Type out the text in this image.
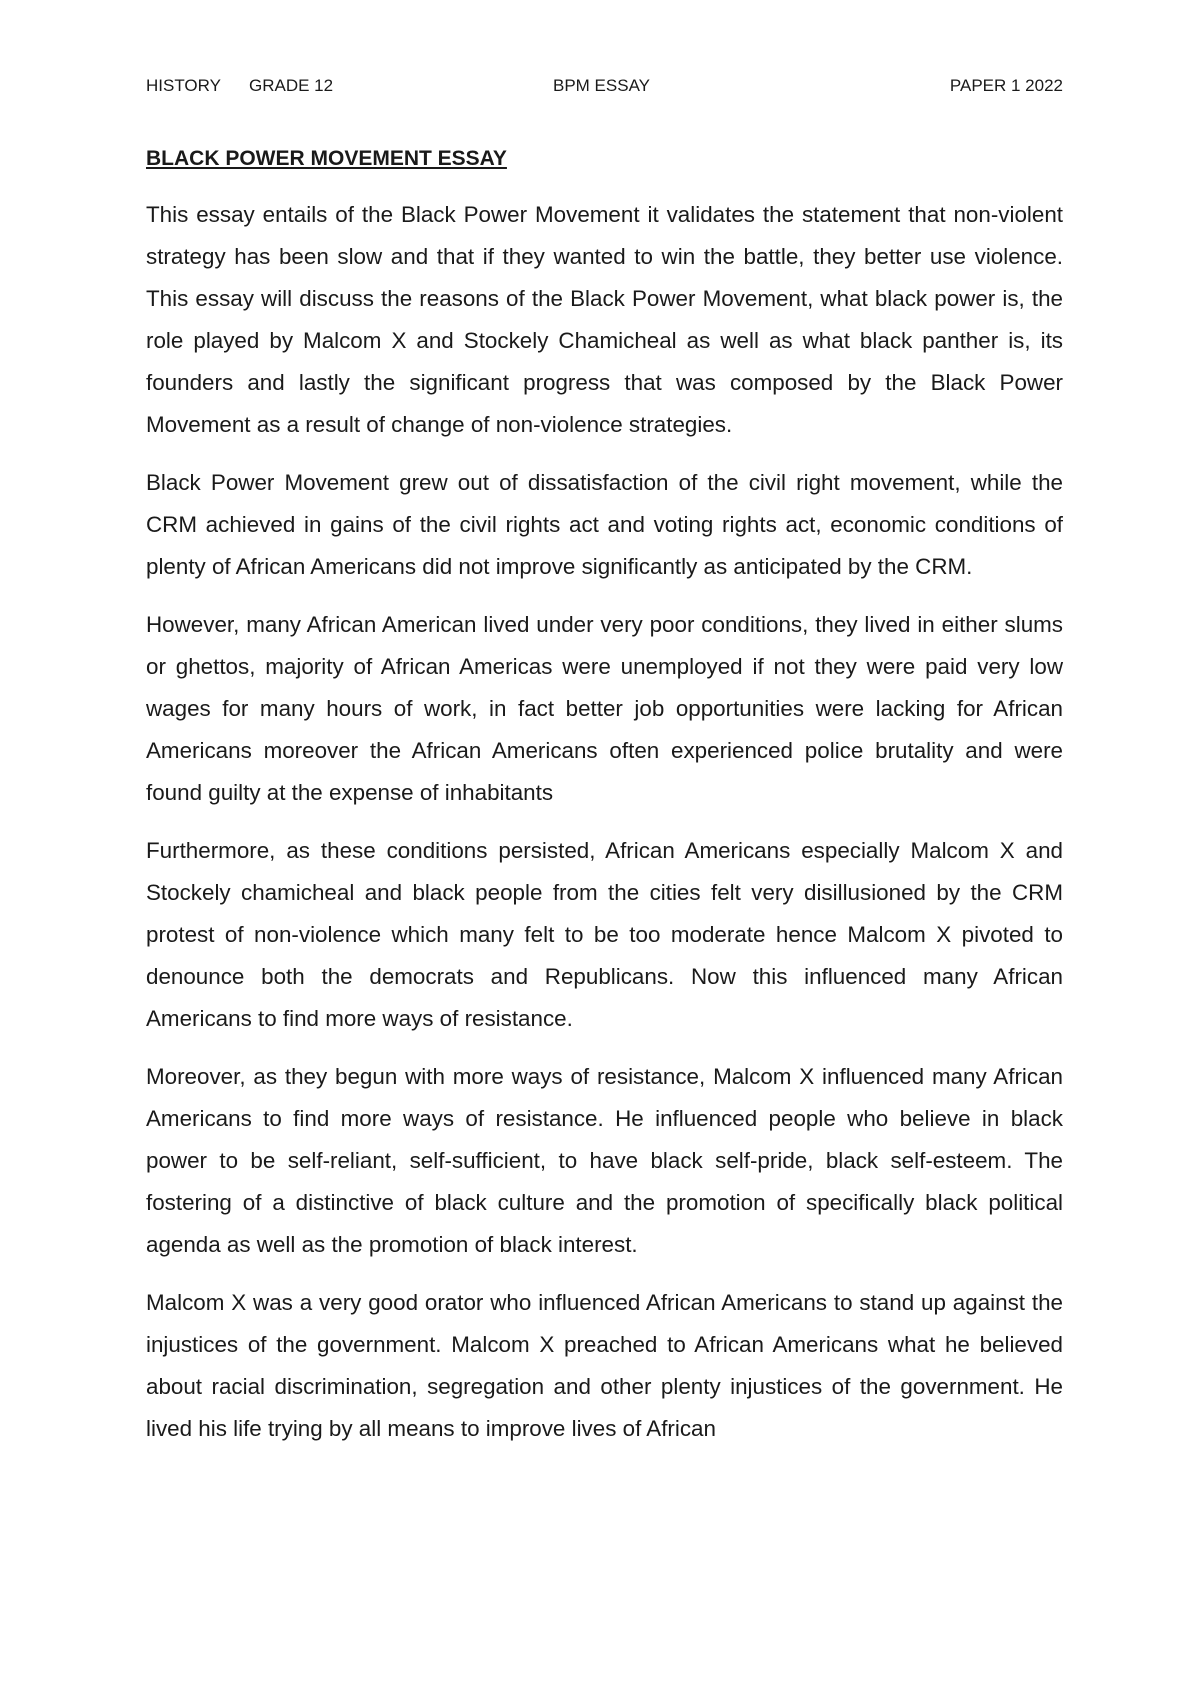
HISTORY GRADE 12	BPM ESSAY	PAPER 1 2022
BLACK POWER MOVEMENT ESSAY

This essay entails of the Black Power Movement it validates the statement that non-violent strategy has been slow and that if they wanted to win the battle, they better use violence. This essay will discuss the reasons of the Black Power Movement, what black power is, the role played by Malcom X and Stockely Chamicheal as well as what black panther is, its founders and lastly the significant progress that was composed by the Black Power Movement as a result of change of non-violence strategies.

Black Power Movement grew out of dissatisfaction of the civil right movement, while the CRM achieved in gains of the civil rights act and voting rights act, economic conditions of plenty of African Americans did not improve significantly as anticipated by the CRM.

However, many African American lived under very poor conditions, they lived in either slums or ghettos, majority of African Americas were unemployed if not they were paid very low wages for many hours of work, in fact better job opportunities were lacking for African Americans moreover the African Americans often experienced police brutality and were found guilty at the expense of inhabitants

Furthermore, as these conditions persisted, African Americans especially Malcom X and Stockely chamicheal and black people from the cities felt very disillusioned by the CRM protest of non-violence which many felt to be too moderate hence Malcom X pivoted to denounce both the democrats and Republicans. Now this influenced many African Americans to find more ways of resistance.

Moreover, as they begun with more ways of resistance, Malcom X influenced many African Americans to find more ways of resistance. He influenced people who believe in black power to be self-reliant, self-sufficient, to have black self-pride, black self-esteem. The fostering of a distinctive of black culture and the promotion of specifically black political agenda as well as the promotion of black interest.

Malcom X was a very good orator who influenced African Americans to stand up against the injustices of the government. Malcom X preached to African Americans what he believed about racial discrimination, segregation and other plenty injustices of the government. He lived his life trying by all means to improve lives of African
